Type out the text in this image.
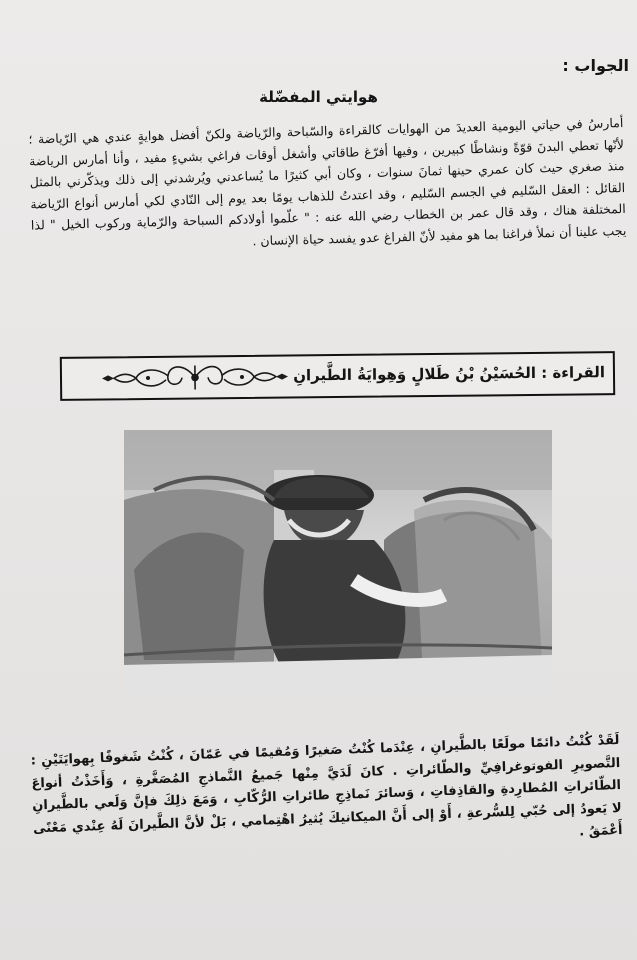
الجواب :
هوايتي المفضّلة
أمارسُ في حياتي اليومية العديدَ من الهوايات كالقراءة والسّباحة والرّياضة ولكنّ أفضل هوايةٍ عندي هي الرّياضة ؛ لأنّها تعطي البدنَ قوّةً ونشاطًا كبيرين ، وفيها أفرّغ طاقاتي وأشغل أوقات فراغي بشيءٍ مفيد ، وأنا أمارس الرياضة منذ صغري حيث كان عمري حينها ثمانَ سنوات ، وكان أبي كثيرًا ما يُساعدني ويُرشدني إلى ذلك ويذكّرني بالمثل القائل : العقل السّليم في الجسم السّليم ، وقد اعتدتُ للذهاب يومًا بعد يوم إلى النّادي لكي أمارس أنواع الرّياضة المختلفة هناك ، وقد قال عمر بن الخطاب رضي الله عنه : " علّموا أولادكم السباحة والرّماية وركوب الخيل " لذا يجب علينا أن نملأ فراغنا بما هو مفيد لأنّ الفراغ عدو يفسد حياة الإنسان .
القراءة : الحُسَيْنُ بْنُ طَلالٍ وَهِوايَةُ الطَّيرانِ
لَقَدْ كُنْتُ دائمًا مولَعًا بالطَّيرانِ ، عِنْدَما كُنْتُ صَغيرًا وَمُقيمًا في عَمّانَ ، كُنْتُ شَغوفًا بِهوايَتَيْنِ : التَّصويرِ الفوتوغرافِيِّ والطّائراتِ . كانَ لَدَيَّ مِنْها جَميعُ النَّماذجِ المُصَغَّرةِ ، وَأَخَذْتُ أنواعَ الطّائراتِ المُطارِدةِ والقاذِفاتِ ، وَسائرَ نَماذِجِ طائراتِ الرُّكّابِ ، وَمَعَ ذلِكَ فإنَّ وَلَعي بالطَّيرانِ لا يَعودُ إلى حُبّي لِلسُّرعةِ ، أَوْ إلى أَنَّ الميكانيكَ يُثيرُ اهْتِمامي ، بَلْ لأنَّ الطَّيرانَ لَهُ عِنْدي مَعْنًى أَعْمَقُ .
